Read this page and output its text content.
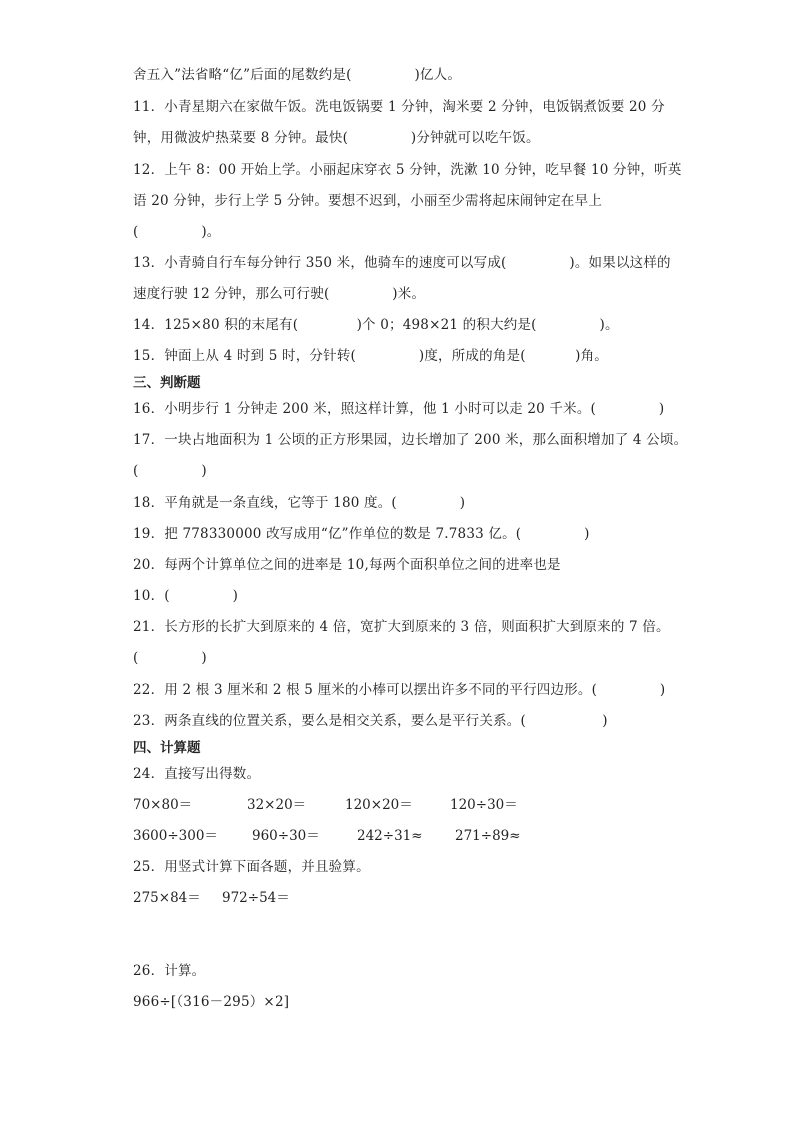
舍五入”法省略“亿”后面的尾数约是(              )亿人。
11．小青星期六在家做午饭。洗电饭锅要 1 分钟，淘米要 2 分钟，电饭锅煮饭要 20 分
钟，用微波炉热菜要 8 分钟。最快(              )分钟就可以吃午饭。
12．上午 8：00 开始上学。小丽起床穿衣 5 分钟，洗漱 10 分钟，吃早餐 10 分钟，听英
语 20 分钟，步行上学 5 分钟。要想不迟到，小丽至少需将起床闹钟定在早上
(              )。
13．小青骑自行车每分钟行 350 米，他骑车的速度可以写成(              )。如果以这样的
速度行驶 12 分钟，那么可行驶(              )米。
14．125×80 积的末尾有(             )个 0；498×21 的积大约是(              )。
15．钟面上从 4 时到 5 时，分针转(              )度，所成的角是(           )角。
三、判断题
16．小明步行 1 分钟走 200 米，照这样计算，他 1 小时可以走 20 千米。(              )
17．一块占地面积为 1 公顷的正方形果园，边长增加了 200 米，那么面积增加了 4 公顷。
(              )
18．平角就是一条直线，它等于 180 度。(              )
19．把 778330000 改写成用“亿”作单位的数是 7.7833 亿。(              )
20．每两个计算单位之间的进率是 10,每两个面积单位之间的进率也是
10．(              )
21．长方形的长扩大到原来的 4 倍，宽扩大到原来的 3 倍，则面积扩大到原来的 7 倍。
(              )
22．用 2 根 3 厘米和 2 根 5 厘米的小棒可以摆出许多不同的平行四边形。(              )
23．两条直线的位置关系，要么是相交关系，要么是平行关系。(                 )
四、计算题
24．直接写出得数。
70×80＝	32×20＝	120×20＝	120÷30＝
3600÷300＝	960÷30＝	242÷31≈ 271÷89≈
25．用竖式计算下面各题，并且验算。
275×84＝ 972÷54＝
26．计算。
966÷[（316－295）×2]
